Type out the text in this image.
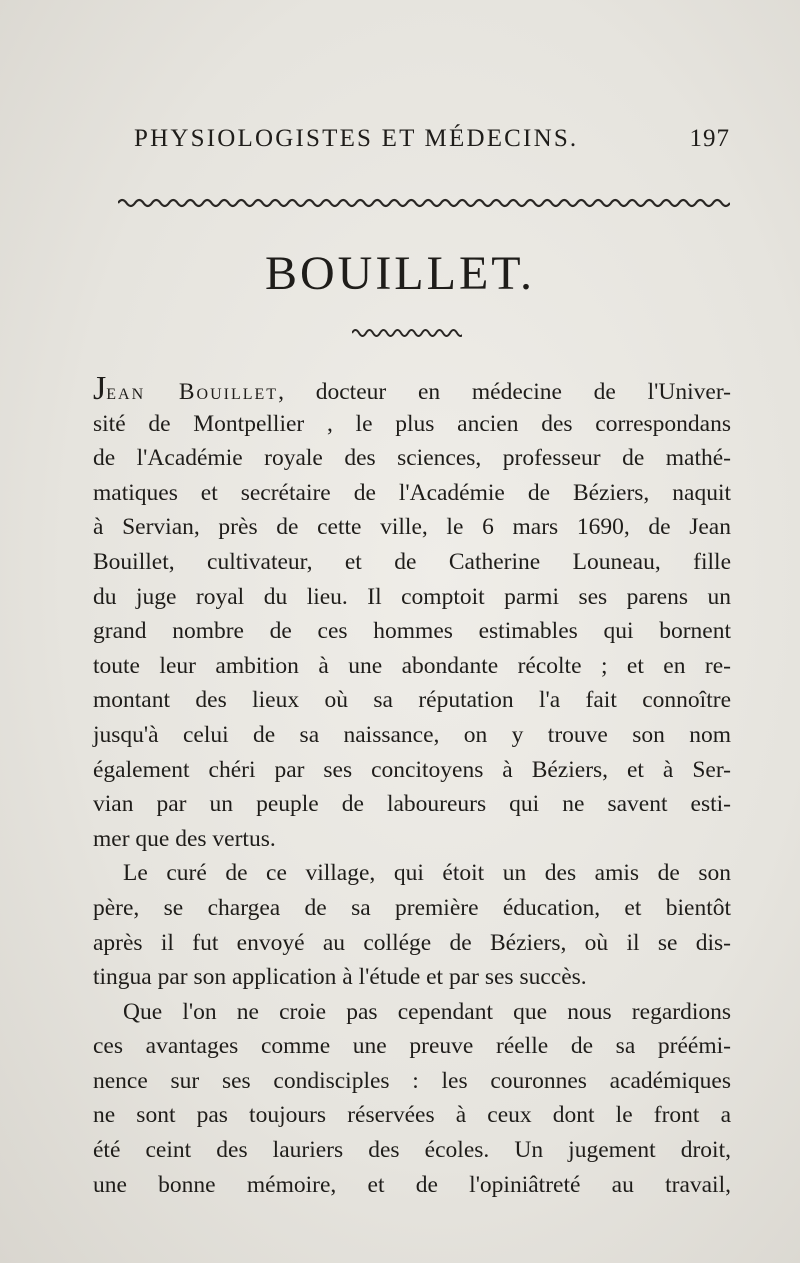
PHYSIOLOGISTES ET MÉDECINS.	197
BOUILLET.
Jean Bouillet, docteur en médecine de l'Univer-
sité de Montpellier , le plus ancien des correspondans
de l'Académie royale des sciences, professeur de mathé-
matiques et secrétaire de l'Académie de Béziers, naquit
à Servian, près de cette ville, le 6 mars 1690, de Jean
Bouillet, cultivateur, et de Catherine Louneau, fille
du juge royal du lieu. Il comptoit parmi ses parens un
grand nombre de ces hommes estimables qui bornent
toute leur ambition à une abondante récolte ; et en re-
montant des lieux où sa réputation l'a fait connoître
jusqu'à celui de sa naissance, on y trouve son nom
également chéri par ses concitoyens à Béziers, et à Ser-
vian par un peuple de laboureurs qui ne savent esti-
mer que des vertus.
Le curé de ce village, qui étoit un des amis de son
père, se chargea de sa première éducation, et bientôt
après il fut envoyé au collége de Béziers, où il se dis-
tingua par son application à l'étude et par ses succès.
Que l'on ne croie pas cependant que nous regardions
ces avantages comme une preuve réelle de sa préémi-
nence sur ses condisciples : les couronnes académiques
ne sont pas toujours réservées à ceux dont le front a
été ceint des lauriers des écoles. Un jugement droit,
une bonne mémoire, et de l'opiniâtreté au travail,
